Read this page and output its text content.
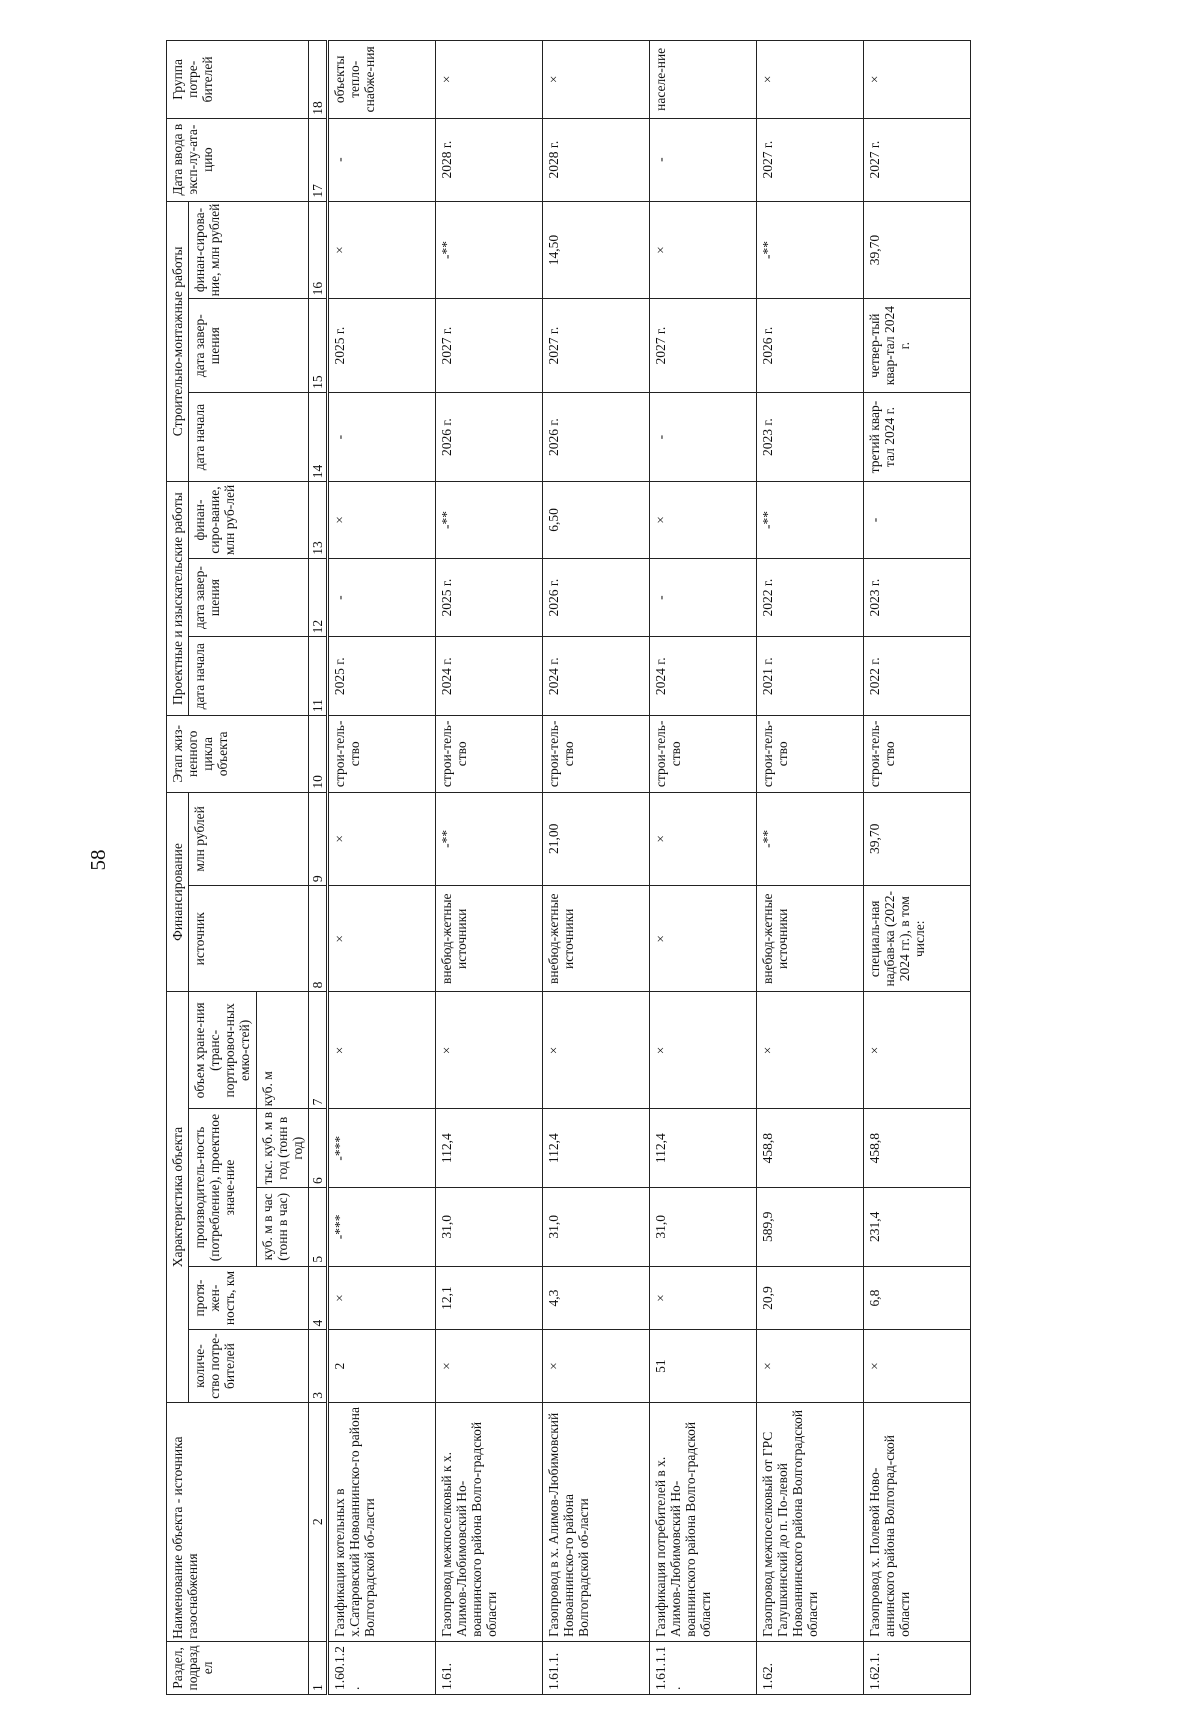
58
Раздел, подраздел	Наименование объекта - источника газоснабжения	Характеристика объекта					Финансирование		Этап жиз-ненного цикла объекта	Проектные и изыскательские работы			Строительно-монтажные работы			Дата ввода в эксп-лу-ата-цию	Группа потре-бителей
		количе-ство потре-бителей	протя-жен-ность, км	производитель-ность (потребление), проектное значе-ние		объем хране-ния (транс-портировоч-ных емко-стей)	источник	млн рублей		дата начала	дата завер-шения	финан-сиро-вание, млн руб-лей	дата начала	дата завер-шения	финан-сирова-ние, млн рублей		
				куб. м в час (тонн в час)	тыс. куб. м в год (тонн в год)	куб. м											

1	2	3	4	5	6	7	8	9	10	11	12	13	14	15	16	17	18
1.60.1.2.	Газификация котельных в х.Сатаровский Новоаннинско-го района Волгоградской об-ласти	2	×	-***	-***	×	×	×	строи-тель-ство	2025 г.	-	×	-	2025 г.	×	-	объекты тепло-снабже-ния
1.61.	Газопровод межпоселковый к х. Алимов-Любимовский Но-воаннинского района Волго-градской области	×	12,1	31,0	112,4	×	внебюд-жетные источники	-**	строи-тель-ство	2024 г.	2025 г.	-**	2026 г.	2027 г.	-**	2028 г.	×
1.61.1.	Газопровод в х. Алимов-Любимовский Новоаннинско-го района Волгоградской об-ласти	×	4,3	31,0	112,4	×	внебюд-жетные источники	21,00	строи-тель-ство	2024 г.	2026 г.	6,50	2026 г.	2027 г.	14,50	2028 г.	×
1.61.1.1.	Газификация потребителей в х. Алимов-Любимовский Но-воаннинского района Волго-градской области	51	×	31,0	112,4	×	×	×	строи-тель-ство	2024 г.	-	×	-	2027 г.	×	-	населе-ние
1.62.	Газопровод межпоселковый от ГРС Галушкинский до п. По-левой Новоаннинского района Волгоградской области	×	20,9	589,9	458,8	×	внебюд-жетные источники	-**	строи-тель-ство	2021 г.	2022 г.	-**	2023 г.	2026 г.	-**	2027 г.	×
1.62.1.	Газопровод х. Полевой Ново-аннинского района Волгоград-ской области	×	6,8	231,4	458,8	×	специаль-ная надбав-ка (2022-2024 гг.), в том числе:	39,70	строи-тель-ство	2022 г.	2023 г.	-	третий квар-тал 2024 г.	четвер-тый квар-тал 2024 г.	39,70	2027 г.	×
